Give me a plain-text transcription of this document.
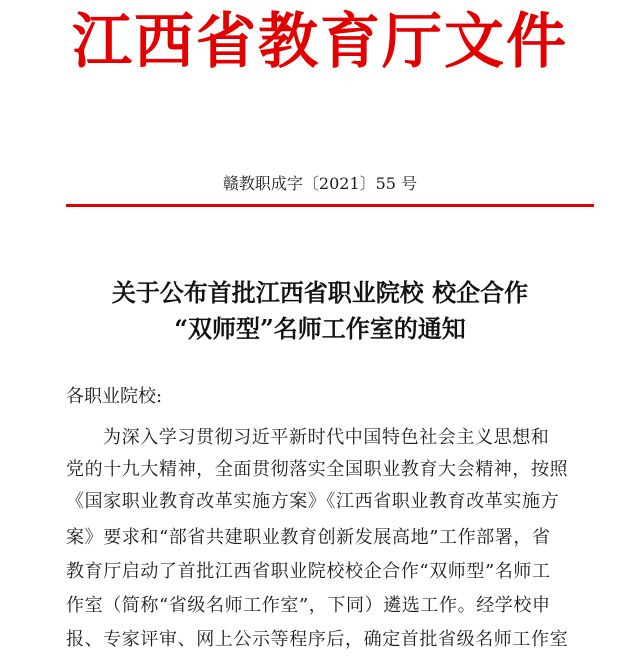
江西省教育厅文件
赣教职成字〔2021〕55 号
关于公布首批江西省职业院校 校企合作
“双师型”名师工作室的通知
各职业院校:
为深入学习贯彻习近平新时代中国特色社会主义思想和
党的十九大精神，全面贯彻落实全国职业教育大会精神，按照
《国家职业教育改革实施方案》《江西省职业教育改革实施方
案》要求和“部省共建职业教育创新发展高地”工作部署，省
教育厅启动了首批江西省职业院校校企合作“双师型”名师工
作室（简称“省级名师工作室”，下同）遴选工作。经学校申
报、专家评审、网上公示等程序后，确定首批省级名师工作室
